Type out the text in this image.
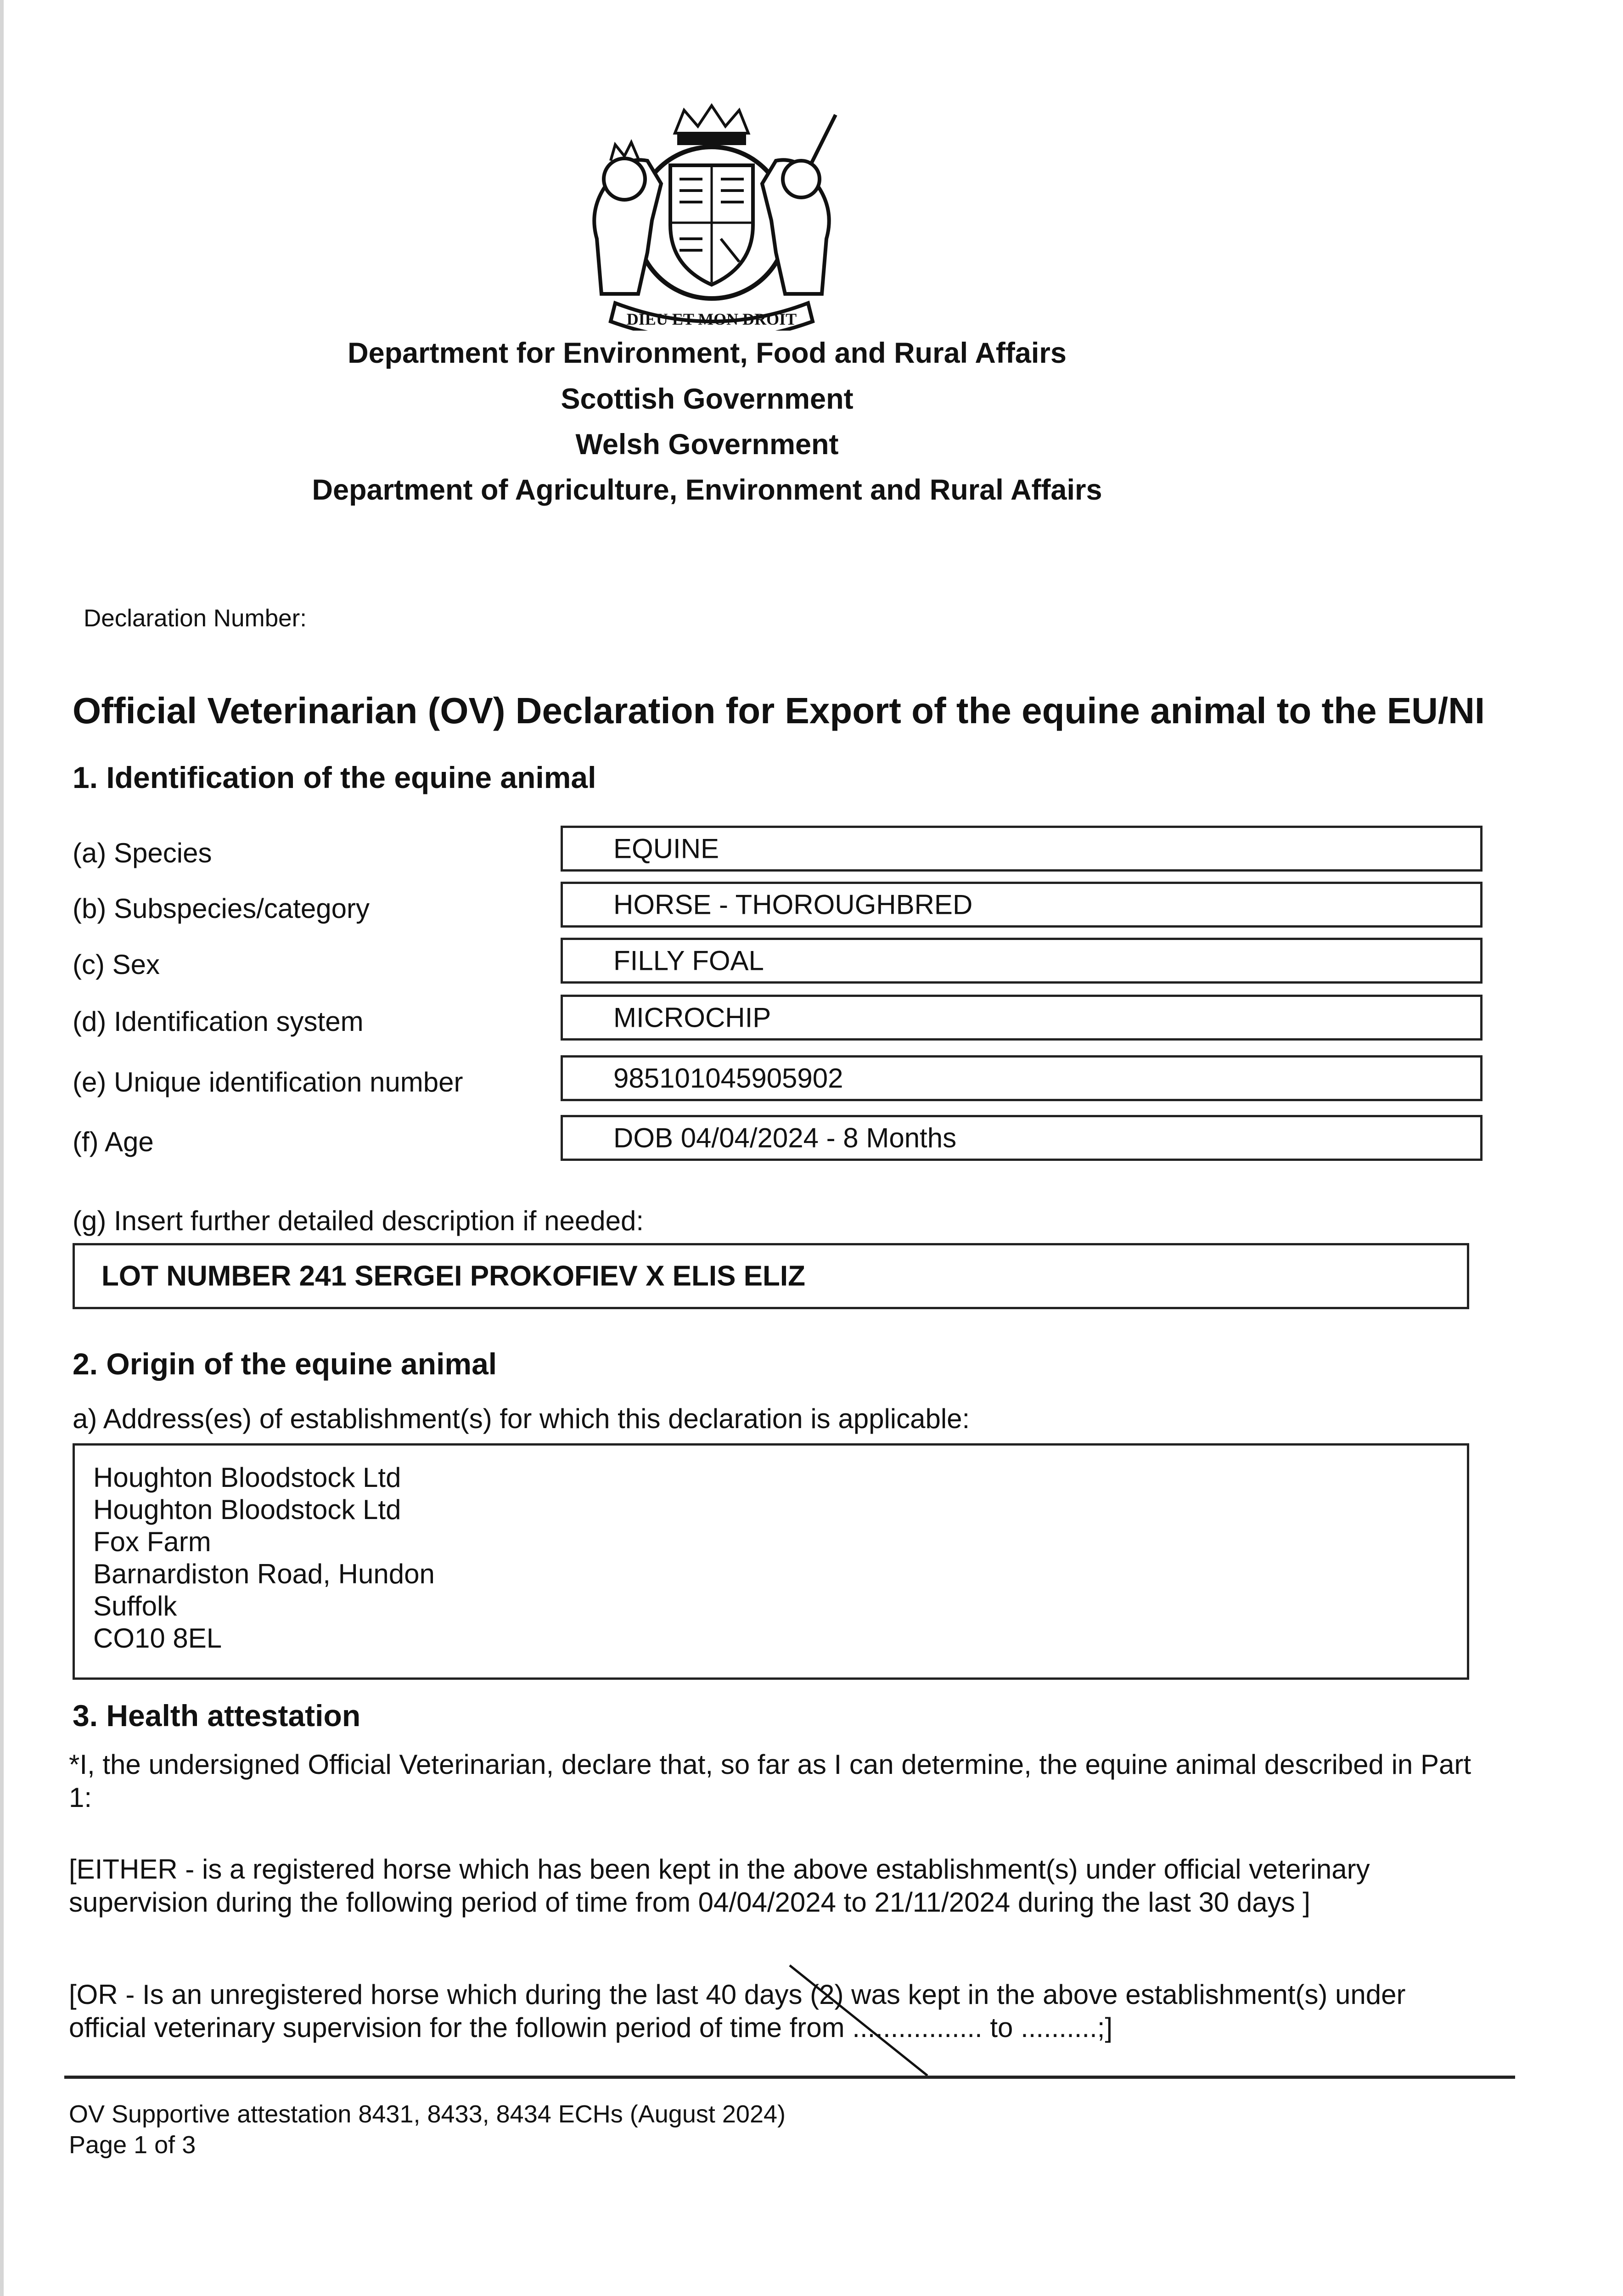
DIEU ET MON DROIT
Department for Environment, Food and Rural Affairs
Scottish Government
Welsh Government
Department of Agriculture, Environment and Rural Affairs
Declaration Number:
Official Veterinarian (OV) Declaration for Export of the equine animal to the EU/NI
1. Identification of the equine animal
(a) Species	EQUINE
(b) Subspecies/category	HORSE - THOROUGHBRED
(c) Sex	FILLY FOAL
(d) Identification system	MICROCHIP
(e) Unique identification number	985101045905902
(f) Age	DOB 04/04/2024 - 8 Months
(g) Insert further detailed description if needed:
LOT NUMBER 241 SERGEI PROKOFIEV X ELIS ELIZ
2. Origin of the equine animal
a) Address(es) of establishment(s) for which this declaration is applicable:
Houghton Bloodstock Ltd
Houghton Bloodstock Ltd
Fox Farm
Barnardiston Road, Hundon
Suffolk
CO10 8EL
3. Health attestation
*I, the undersigned Official Veterinarian, declare that, so far as I can determine, the equine animal described in Part 1:
[EITHER - is a registered horse which has been kept in the above establishment(s) under official veterinary supervision during the following period of time from 04/04/2024 to 21/11/2024 during the last 30 days ]
[OR - Is an unregistered horse which during the last 40 days (2) was kept in the above establishment(s) under official veterinary supervision for the followin period of time from ................. to ..........;]
OV Supportive attestation 8431, 8433, 8434 ECHs (August 2024)
Page 1 of 3
